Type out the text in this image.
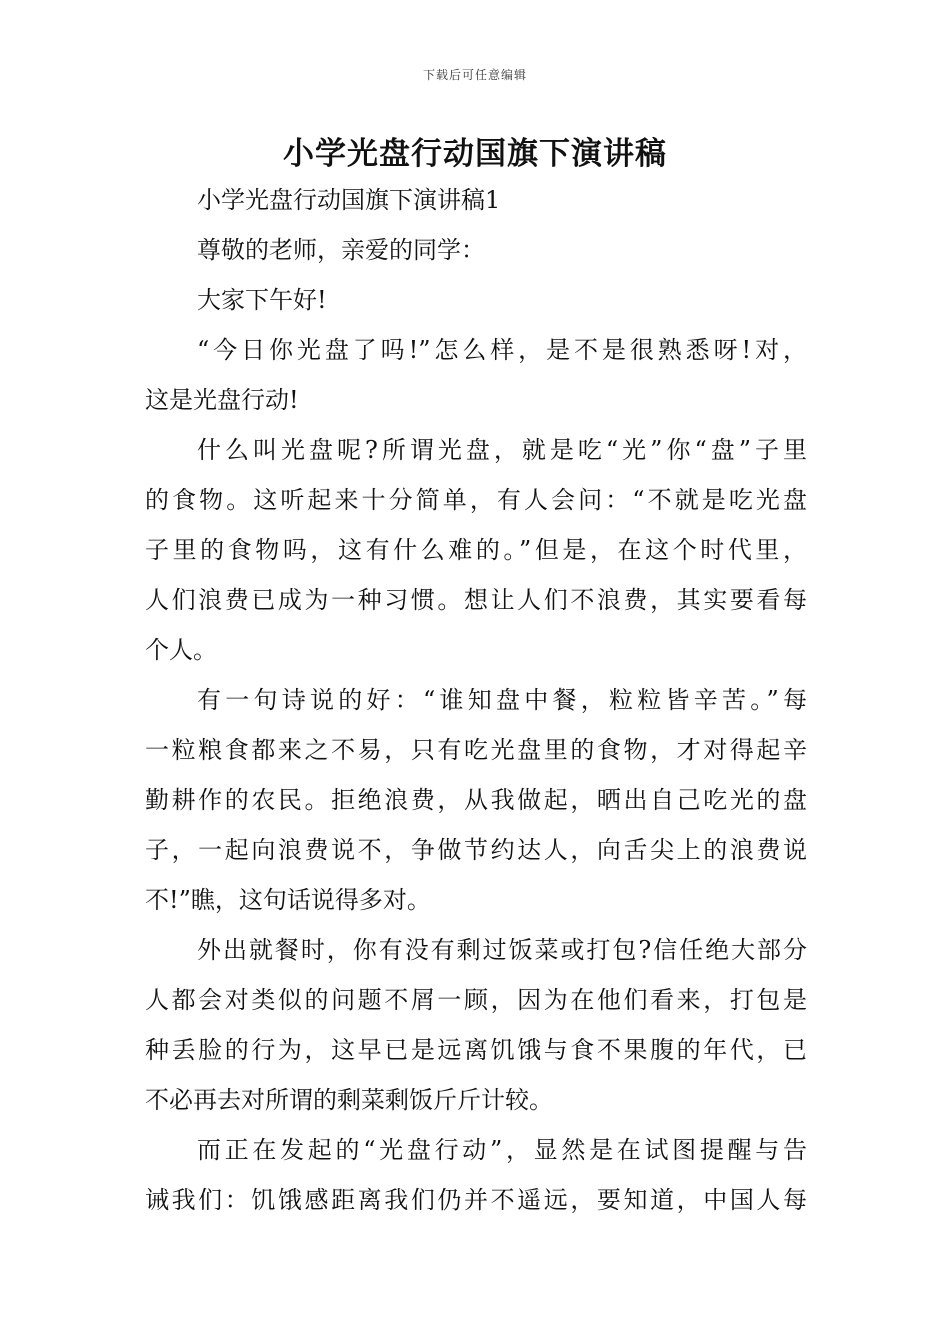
下载后可任意编辑
小学光盘行动国旗下演讲稿
小学光盘行动国旗下演讲稿1
尊敬的老师，亲爱的同学：
大家下午好!
“今日你光盘了吗!”怎么样，是不是很熟悉呀!对，
这是光盘行动!
什么叫光盘呢?所谓光盘，就是吃“光”你“盘”子里
的食物。这听起来十分简单，有人会问：“不就是吃光盘
子里的食物吗，这有什么难的。”但是，在这个时代里，
人们浪费已成为一种习惯。想让人们不浪费，其实要看每
个人。
有一句诗说的好：“谁知盘中餐，粒粒皆辛苦。”每
一粒粮食都来之不易，只有吃光盘里的食物，才对得起辛
勤耕作的农民。拒绝浪费，从我做起，晒出自己吃光的盘
子，一起向浪费说不，争做节约达人，向舌尖上的浪费说
不!”瞧，这句话说得多对。
外出就餐时，你有没有剩过饭菜或打包?信任绝大部分
人都会对类似的问题不屑一顾，因为在他们看来，打包是
种丢脸的行为，这早已是远离饥饿与食不果腹的年代，已
不必再去对所谓的剩菜剩饭斤斤计较。
而正在发起的“光盘行动”，显然是在试图提醒与告
诫我们：饥饿感距离我们仍并不遥远，要知道，中国人每
